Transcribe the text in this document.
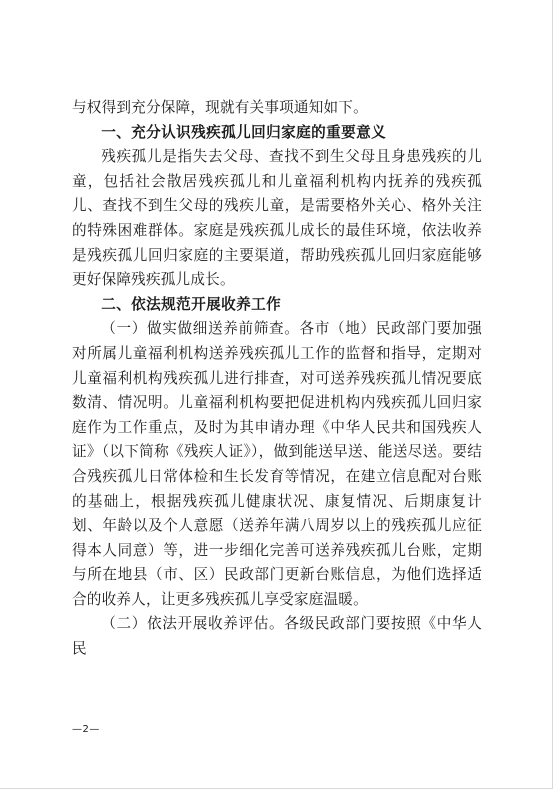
与权得到充分保障，现就有关事项通知如下。

一、充分认识残疾孤儿回归家庭的重要意义

残疾孤儿是指失去父母、查找不到生父母且身患残疾的儿童，包括社会散居残疾孤儿和儿童福利机构内抚养的残疾孤儿、查找不到生父母的残疾儿童，是需要格外关心、格外关注的特殊困难群体。家庭是残疾孤儿成长的最佳环境，依法收养是残疾孤儿回归家庭的主要渠道，帮助残疾孤儿回归家庭能够更好保障残疾孤儿成长。

二、依法规范开展收养工作

（一）做实做细送养前筛查。各市（地）民政部门要加强对所属儿童福利机构送养残疾孤儿工作的监督和指导，定期对儿童福利机构残疾孤儿进行排查，对可送养残疾孤儿情况要底数清、情况明。儿童福利机构要把促进机构内残疾孤儿回归家庭作为工作重点，及时为其申请办理《中华人民共和国残疾人证》（以下简称《残疾人证》），做到能送早送、能送尽送。要结合残疾孤儿日常体检和生长发育等情况，在建立信息配对台账的基础上，根据残疾孤儿健康状况、康复情况、后期康复计划、年龄以及个人意愿（送养年满八周岁以上的残疾孤儿应征得本人同意）等，进一步细化完善可送养残疾孤儿台账，定期与所在地县（市、区）民政部门更新台账信息，为他们选择适合的收养人，让更多残疾孤儿享受家庭温暖。

（二）依法开展收养评估。各级民政部门要按照《中华人民

—2—
